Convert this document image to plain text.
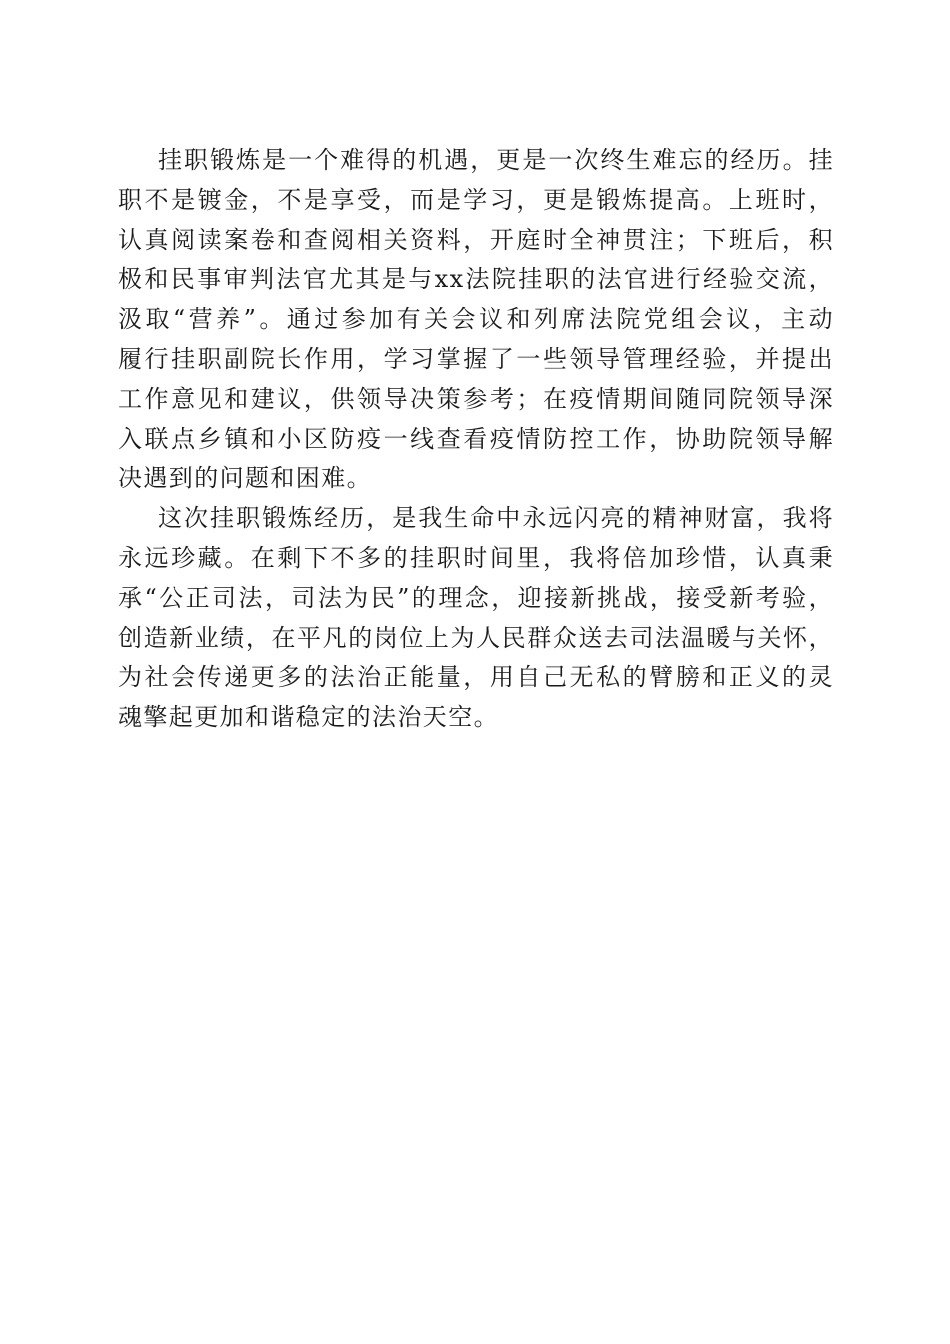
挂职锻炼是一个难得的机遇，更是一次终生难忘的经历。挂
职不是镀金，不是享受，而是学习，更是锻炼提高。上班时，
认真阅读案卷和查阅相关资料，开庭时全神贯注；下班后，积
极和民事审判法官尤其是与xx法院挂职的法官进行经验交流，
汲取“营养”。通过参加有关会议和列席法院党组会议，主动
履行挂职副院长作用，学习掌握了一些领导管理经验，并提出
工作意见和建议，供领导决策参考；在疫情期间随同院领导深
入联点乡镇和小区防疫一线查看疫情防控工作，协助院领导解
决遇到的问题和困难。
这次挂职锻炼经历，是我生命中永远闪亮的精神财富，我将
永远珍藏。在剩下不多的挂职时间里，我将倍加珍惜，认真秉
承“公正司法，司法为民”的理念，迎接新挑战，接受新考验，
创造新业绩，在平凡的岗位上为人民群众送去司法温暖与关怀，
为社会传递更多的法治正能量，用自己无私的臂膀和正义的灵
魂擎起更加和谐稳定的法治天空。
